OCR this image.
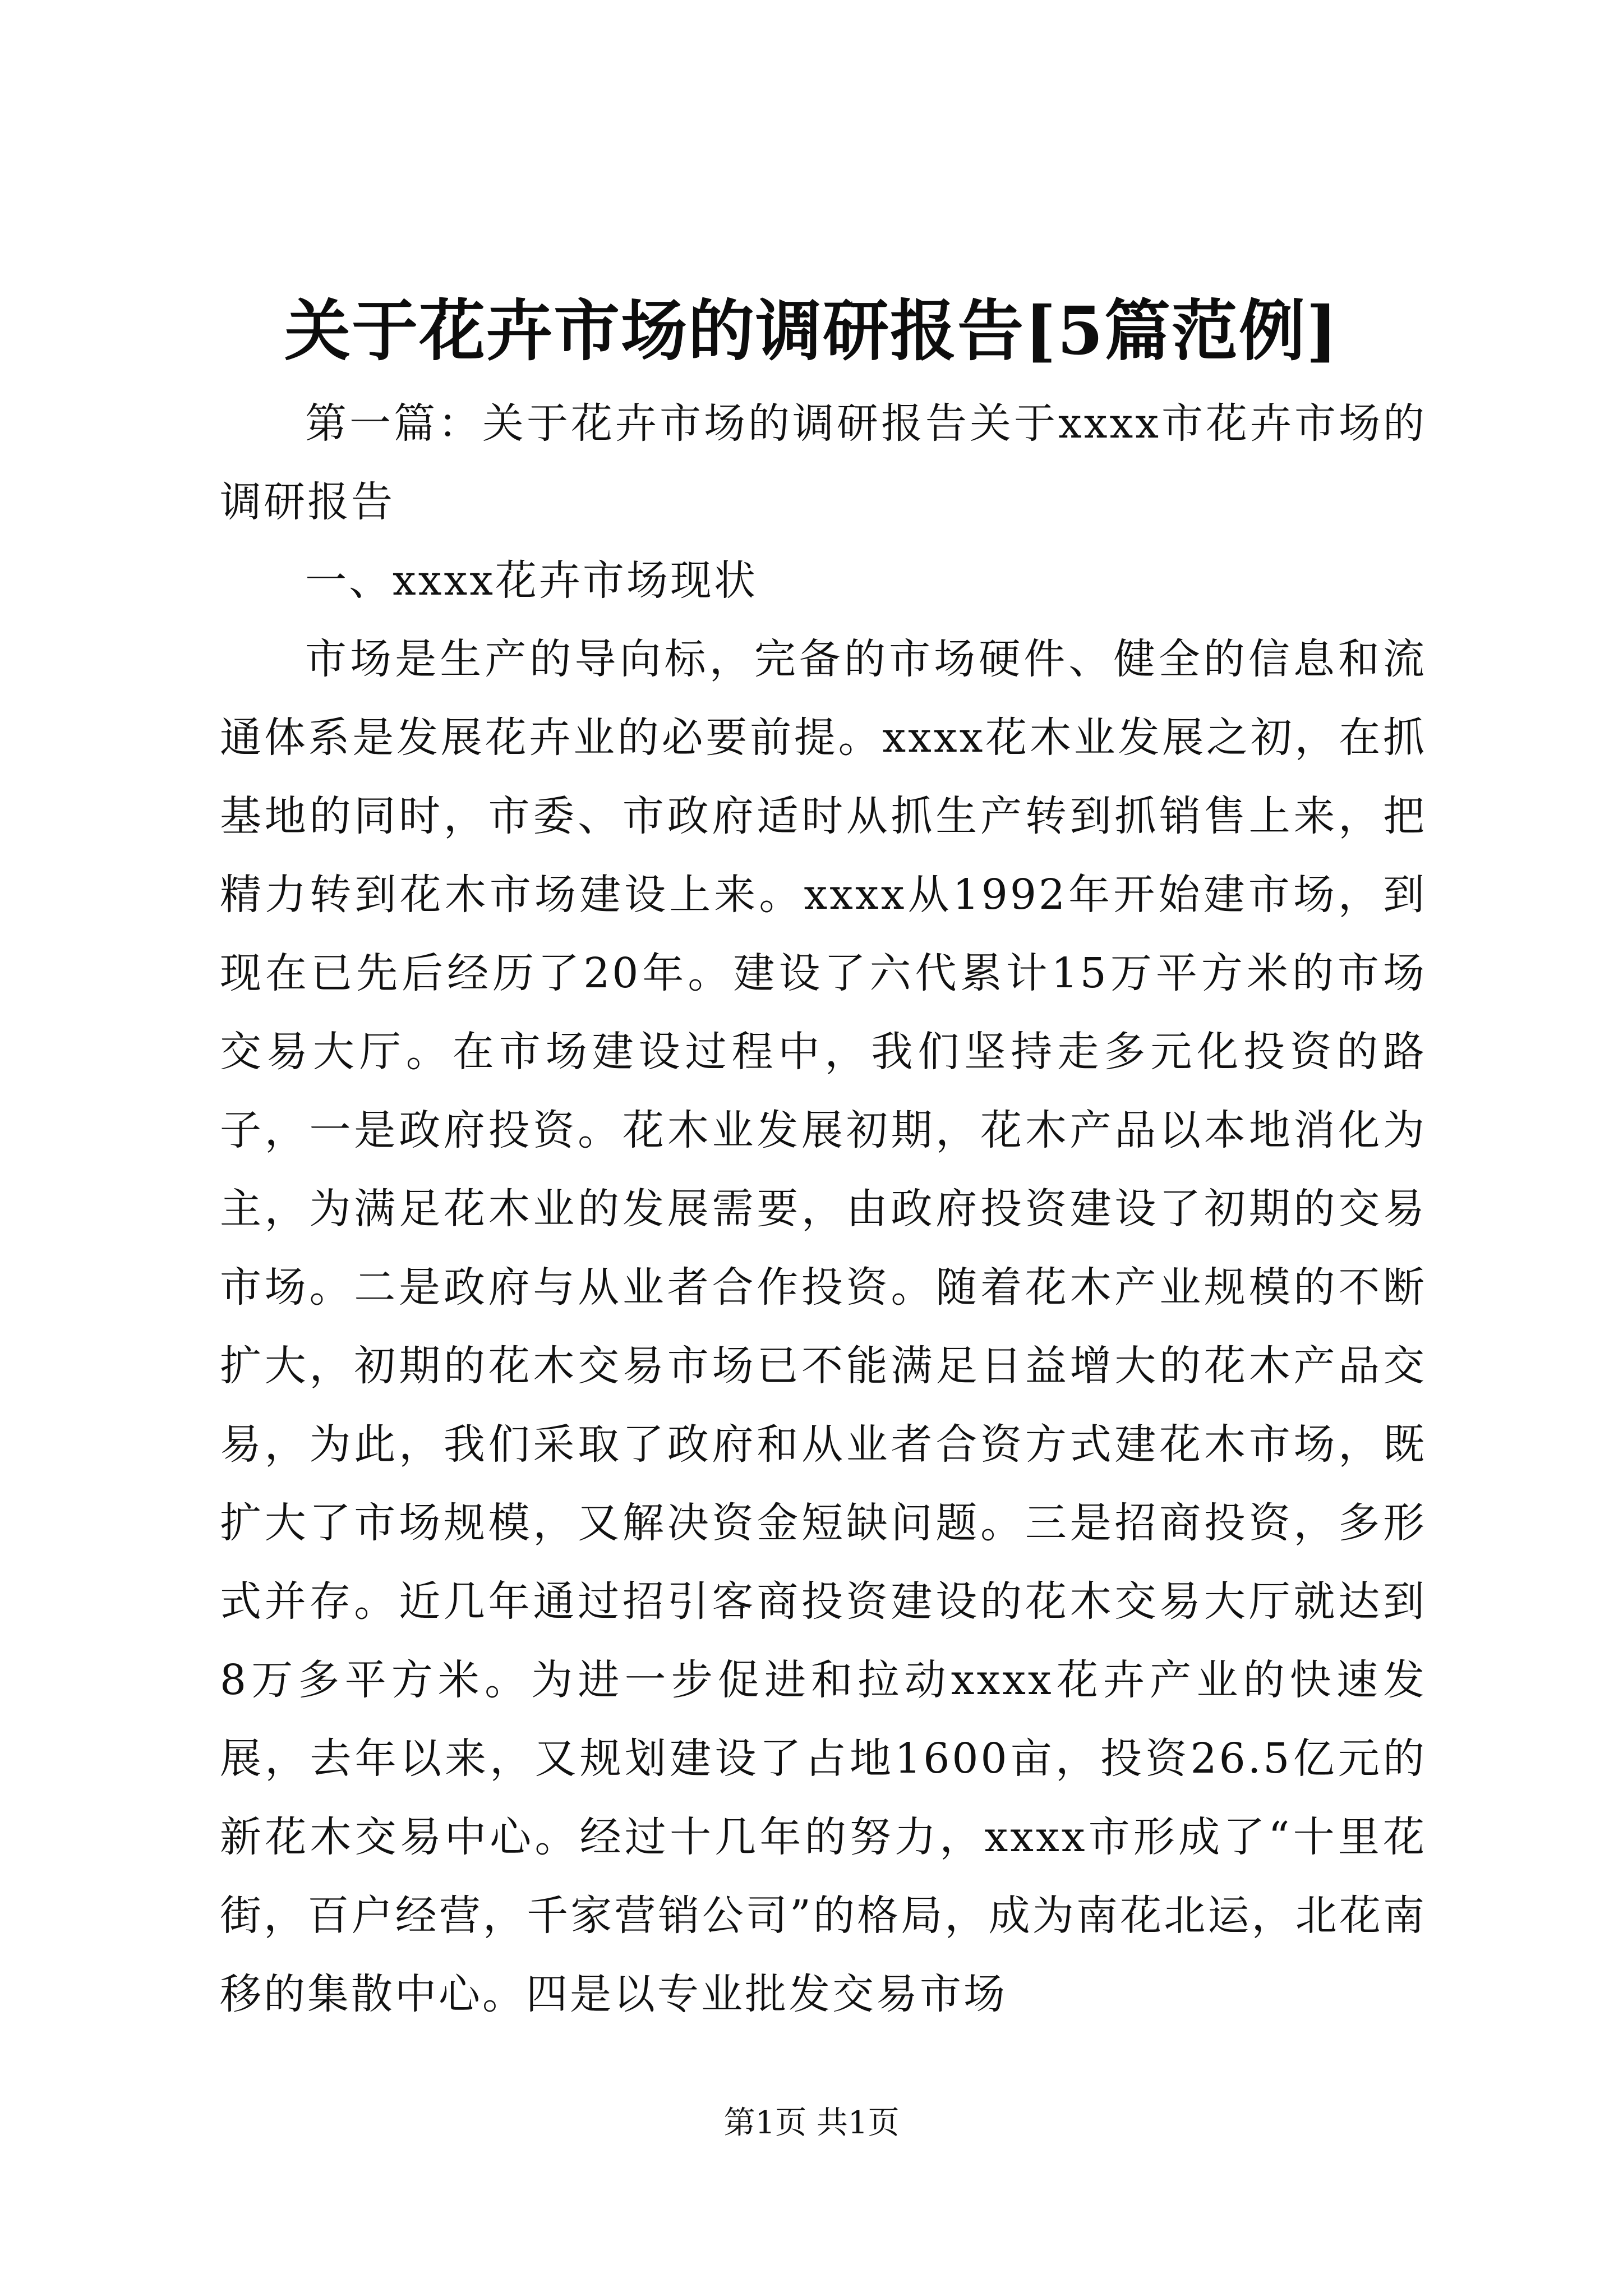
关于花卉市场的调研报告[5篇范例]

第一篇：关于花卉市场的调研报告关于xxxx市花卉市场的调研报告

一、xxxx花卉市场现状

市场是生产的导向标，完备的市场硬件、健全的信息和流通体系是发展花卉业的必要前提。xxxx花木业发展之初，在抓基地的同时，市委、市政府适时从抓生产转到抓销售上来，把精力转到花木市场建设上来。xxxx从1992年开始建市场，到现在已先后经历了20年。建设了六代累计15万平方米的市场交易大厅。在市场建设过程中，我们坚持走多元化投资的路子，一是政府投资。花木业发展初期，花木产品以本地消化为主，为满足花木业的发展需要，由政府投资建设了初期的交易市场。二是政府与从业者合作投资。随着花木产业规模的不断扩大，初期的花木交易市场已不能满足日益增大的花木产品交易，为此，我们采取了政府和从业者合资方式建花木市场，既扩大了市场规模，又解决资金短缺问题。三是招商投资，多形式并存。近几年通过招引客商投资建设的花木交易大厅就达到8万多平方米。为进一步促进和拉动xxxx花卉产业的快速发展，去年以来，又规划建设了占地1600亩，投资26.5亿元的新花木交易中心。经过十几年的努力，xxxx市形成了“十里花街，百户经营，千家营销公司”的格局，成为南花北运，北花南移的集散中心。四是以专业批发交易市场

第1页 共1页
